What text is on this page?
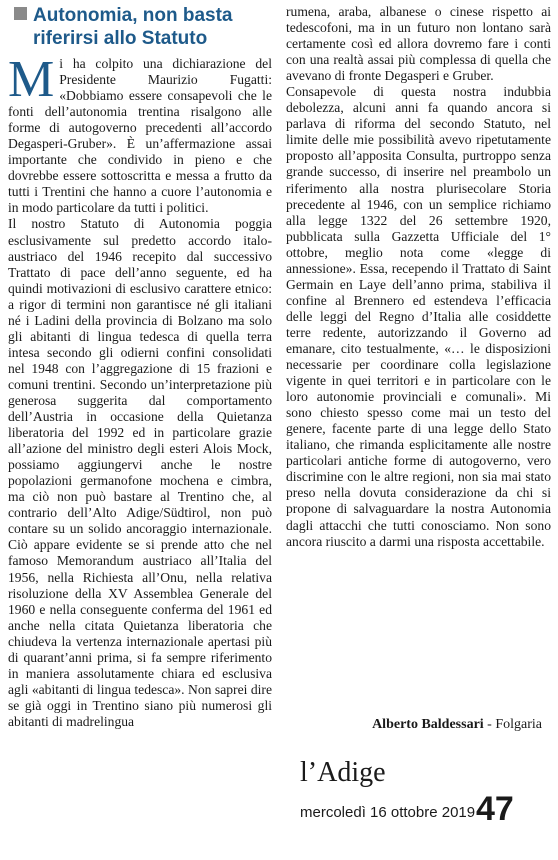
Autonomia, non basta
riferirsi allo Statuto

Mi ha colpito una dichiarazione del Presidente Maurizio Fugatti: «Dobbiamo essere consapevoli che le fonti dell’autonomia trentina risalgono alle forme di autogoverno precedenti all’accordo Degasperi-Gruber». È un’affermazione assai importante che condivido in pieno e che dovrebbe essere sottoscritta e messa a frutto da tutti i Trentini che hanno a cuore l’autonomia e in modo particolare da tutti i politici.

Il nostro Statuto di Autonomia poggia esclusivamente sul predetto accordo italo-austriaco del 1946 recepito dal successivo Trattato di pace dell’anno seguente, ed ha quindi motivazioni di esclusivo carattere etnico: a rigor di termini non garantisce né gli italiani né i Ladini della provincia di Bolzano ma solo gli abitanti di lingua tedesca di quella terra intesa secondo gli odierni confini consolidati nel 1948 con l’aggregazione di 15 frazioni e comuni trentini. Secondo un’interpretazione più generosa suggerita dal comportamento dell’Austria in occasione della Quietanza liberatoria del 1992 ed in particolare grazie all’azione del ministro degli esteri Alois Mock, possiamo aggiungervi anche le nostre popolazioni germanofone mochena e cimbra, ma ciò non può bastare al Trentino che, al contrario dell’Alto Adige/Südtirol, non può contare su un solido ancoraggio internazionale. Ciò appare evidente se si prende atto che nel famoso Memorandum austriaco all’Italia del 1956, nella Richiesta all’Onu, nella relativa risoluzione della XV Assemblea Generale del 1960 e nella conseguente conferma del 1961 ed anche nella citata Quietanza liberatoria che chiudeva la vertenza internazionale apertasi più di quarant’anni prima, si fa sempre riferimento in maniera assolutamente chiara ed esclusiva agli «abitanti di lingua tedesca». Non saprei dire se già oggi in Trentino siano più numerosi gli abitanti di madrelingua

rumena, araba, albanese o cinese rispetto ai tedescofoni, ma in un futuro non lontano sarà certamente così ed allora dovremo fare i conti con una realtà assai più complessa di quella che avevano di fronte Degasperi e Gruber.

Consapevole di questa nostra indubbia debolezza, alcuni anni fa quando ancora si parlava di riforma del secondo Statuto, nel limite delle mie possibilità avevo ripetutamente proposto all’apposita Consulta, purtroppo senza grande successo, di inserire nel preambolo un riferimento alla nostra plurisecolare Storia precedente al 1946, con un semplice richiamo alla legge 1322 del 26 settembre 1920, pubblicata sulla Gazzetta Ufficiale del 1° ottobre, meglio nota come «legge di annessione». Essa, recependo il Trattato di Saint Germain en Laye dell’anno prima, stabiliva il confine al Brennero ed estendeva l’efficacia delle leggi del Regno d’Italia alle cosiddette terre redente, autorizzando il Governo ad emanare, cito testualmente, «… le disposizioni necessarie per coordinare colla legislazione vigente in quei territori e in particolare con le loro autonomie provinciali e comunali». Mi sono chiesto spesso come mai un testo del genere, facente parte di una legge dello Stato italiano, che rimanda esplicitamente alle nostre particolari antiche forme di autogoverno, vero discrimine con le altre regioni, non sia mai stato preso nella dovuta considerazione da chi si propone di salvaguardare la nostra Autonomia dagli attacchi che tutti conosciamo. Non sono ancora riuscito a darmi una risposta accettabile.

Alberto Baldessari - Folgaria
l’Adige
mercoledì 16 ottobre 2019 47
